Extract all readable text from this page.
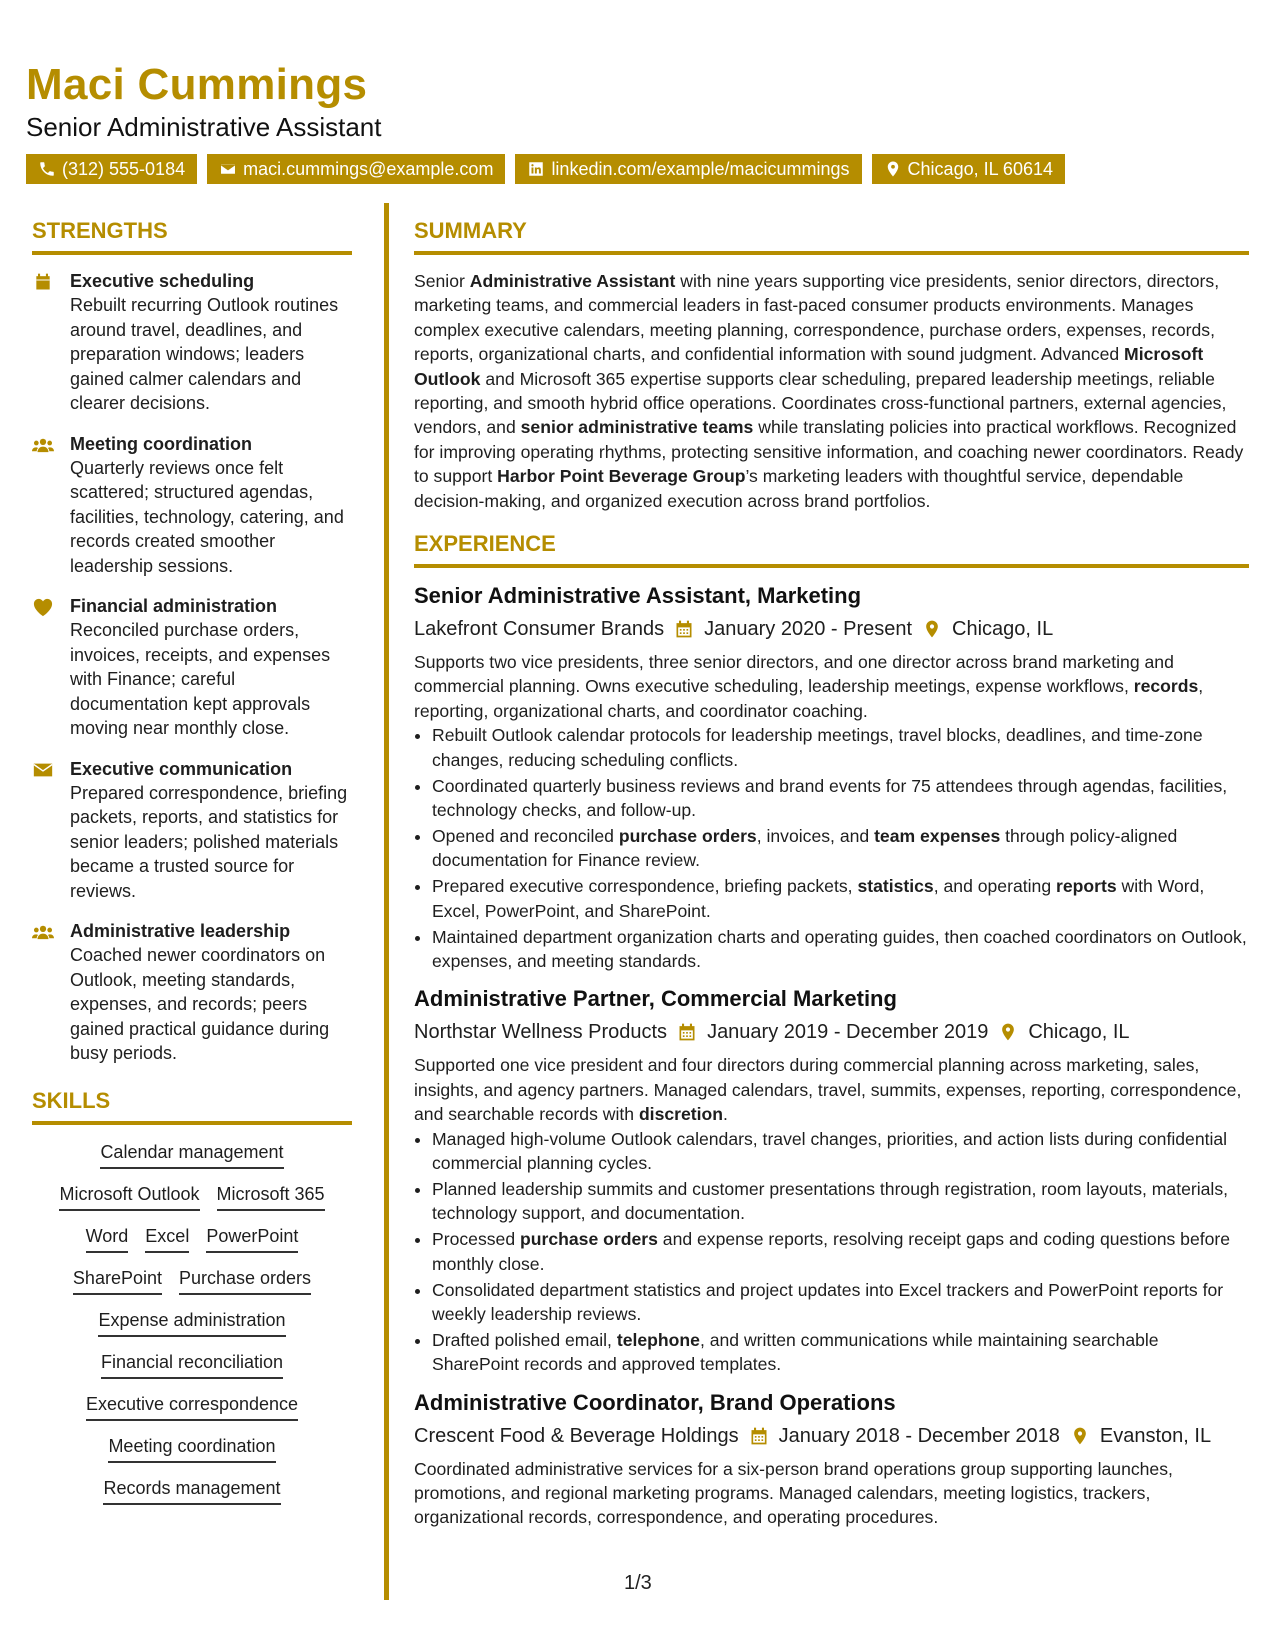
Maci Cummings
Senior Administrative Assistant
(312) 555-0184	maci.cummings@example.com	linkedin.com/example/macicummings	Chicago, IL 60614
STRENGTHS
Executive scheduling
Rebuilt recurring Outlook routines around travel, deadlines, and preparation windows; leaders gained calmer calendars and clearer decisions.
Meeting coordination
Quarterly reviews once felt scattered; structured agendas, facilities, technology, catering, and records created smoother leadership sessions.
Financial administration
Reconciled purchase orders, invoices, receipts, and expenses with Finance; careful documentation kept approvals moving near monthly close.
Executive communication
Prepared correspondence, briefing packets, reports, and statistics for senior leaders; polished materials became a trusted source for reviews.
Administrative leadership
Coached newer coordinators on Outlook, meeting standards, expenses, and records; peers gained practical guidance during busy periods.
SKILLS
Calendar management
Microsoft Outlook Microsoft 365
Word Excel PowerPoint
SharePoint Purchase orders
Expense administration
Financial reconciliation
Executive correspondence
Meeting coordination
Records management
SUMMARY
Senior Administrative Assistant with nine years supporting vice presidents, senior directors, directors, marketing teams, and commercial leaders in fast-paced consumer products environments. Manages complex executive calendars, meeting planning, correspondence, purchase orders, expenses, records, reports, organizational charts, and confidential information with sound judgment. Advanced Microsoft Outlook and Microsoft 365 expertise supports clear scheduling, prepared leadership meetings, reliable reporting, and smooth hybrid office operations. Coordinates cross-functional partners, external agencies, vendors, and senior administrative teams while translating policies into practical workflows. Recognized for improving operating rhythms, protecting sensitive information, and coaching newer coordinators. Ready to support Harbor Point Beverage Group’s marketing leaders with thoughtful service, dependable decision-making, and organized execution across brand portfolios.
EXPERIENCE
Senior Administrative Assistant, Marketing
Lakefront Consumer Brands January 2020 - Present Chicago, IL
Supports two vice presidents, three senior directors, and one director across brand marketing and commercial planning. Owns executive scheduling, leadership meetings, expense workflows, records, reporting, organizational charts, and coordinator coaching.
• Rebuilt Outlook calendar protocols for leadership meetings, travel blocks, deadlines, and time-zone changes, reducing scheduling conflicts.
• Coordinated quarterly business reviews and brand events for 75 attendees through agendas, facilities, technology checks, and follow-up.
• Opened and reconciled purchase orders, invoices, and team expenses through policy-aligned documentation for Finance review.
• Prepared executive correspondence, briefing packets, statistics, and operating reports with Word, Excel, PowerPoint, and SharePoint.
• Maintained department organization charts and operating guides, then coached coordinators on Outlook, expenses, and meeting standards.
Administrative Partner, Commercial Marketing
Northstar Wellness Products January 2019 - December 2019 Chicago, IL
Supported one vice president and four directors during commercial planning across marketing, sales, insights, and agency partners. Managed calendars, travel, summits, expenses, reporting, correspondence, and searchable records with discretion.
• Managed high-volume Outlook calendars, travel changes, priorities, and action lists during confidential commercial planning cycles.
• Planned leadership summits and customer presentations through registration, room layouts, materials, technology support, and documentation.
• Processed purchase orders and expense reports, resolving receipt gaps and coding questions before monthly close.
• Consolidated department statistics and project updates into Excel trackers and PowerPoint reports for weekly leadership reviews.
• Drafted polished email, telephone, and written communications while maintaining searchable SharePoint records and approved templates.
Administrative Coordinator, Brand Operations
Crescent Food & Beverage Holdings January 2018 - December 2018 Evanston, IL
Coordinated administrative services for a six-person brand operations group supporting launches, promotions, and regional marketing programs. Managed calendars, meeting logistics, trackers, organizational records, correspondence, and operating procedures.
1/3
